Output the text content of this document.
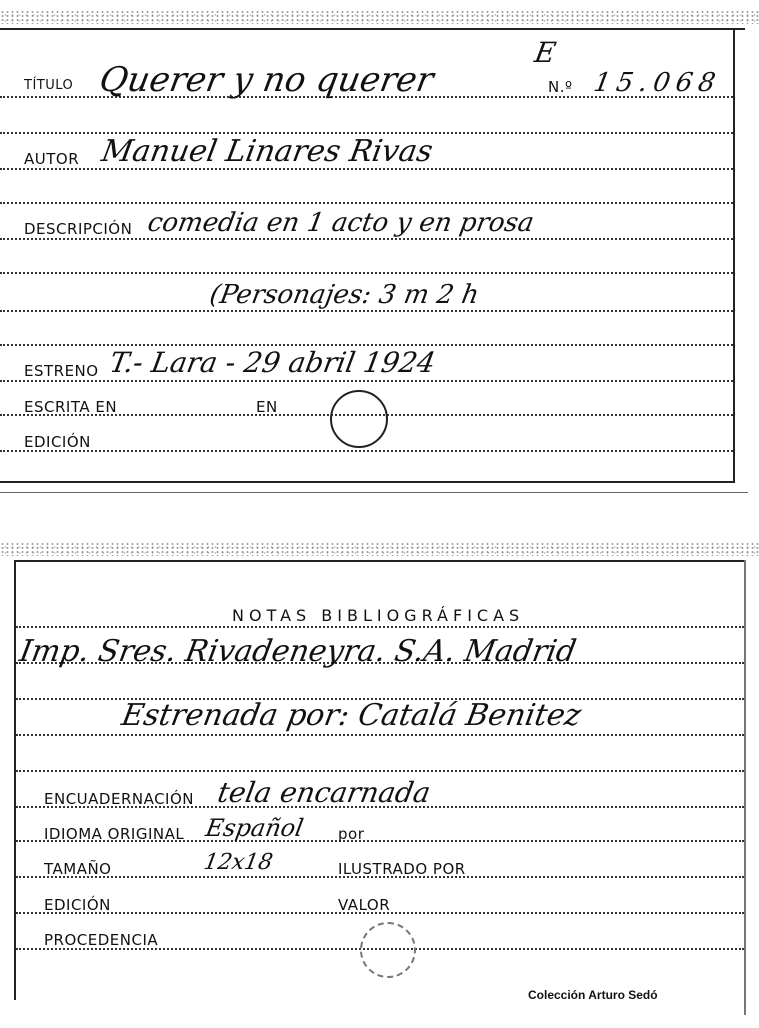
TÍTULO Querer y no querer
E
N.º 15.068
AUTOR Manuel Linares Rivas
DESCRIPCIÓN comedia en 1 acto y en prosa
(Personajes: 3 m 2 h
ESTRENO T.- Lara - 29 abril 1924
ESCRITA EN	EN
EDICIÓN
NOTAS BIBLIOGRÁFICAS
Imp. Sres. Rivadeneyra. S.A. Madrid
Estrenada por: Catalá Benitez
ENCUADERNACIÓN tela encarnada
IDIOMA ORIGINAL Español por
TAMAÑO	12x18	ILUSTRADO POR
EDICIÓN	VALOR
PROCEDENCIA
Colección Arturo Sedó
